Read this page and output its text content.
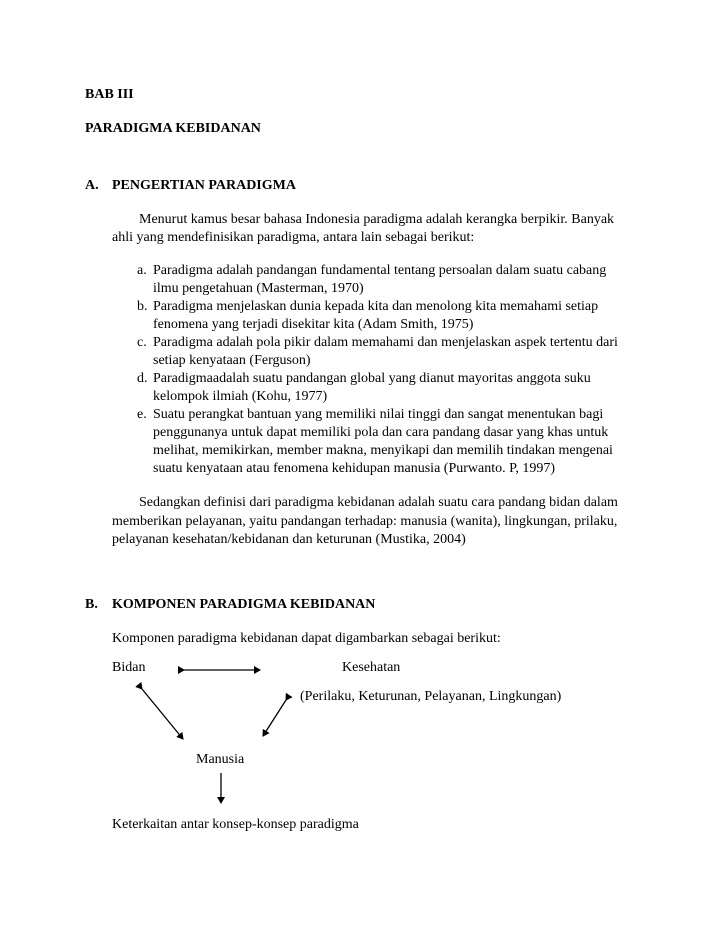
BAB III
PARADIGMA KEBIDANAN
A. PENGERTIAN PARADIGMA
Menurut kamus besar bahasa Indonesia paradigma adalah kerangka berpikir. Banyak
ahli yang mendefinisikan paradigma, antara lain sebagai berikut:
a. Paradigma adalah pandangan fundamental tentang persoalan dalam suatu cabang
ilmu pengetahuan (Masterman, 1970)
b. Paradigma menjelaskan dunia kepada kita dan menolong kita memahami setiap
fenomena yang terjadi disekitar kita (Adam Smith, 1975)
c. Paradigma adalah pola pikir dalam memahami dan menjelaskan aspek tertentu dari
setiap kenyataan (Ferguson)
d. Paradigmaadalah suatu pandangan global yang dianut mayoritas anggota suku
kelompok ilmiah (Kohu, 1977)
e. Suatu perangkat bantuan yang memiliki nilai tinggi dan sangat menentukan bagi
penggunanya untuk dapat memiliki pola dan cara pandang dasar yang khas untuk
melihat, memikirkan, member makna, menyikapi dan memilih tindakan mengenai
suatu kenyataan atau fenomena kehidupan manusia (Purwanto. P, 1997)
Sedangkan definisi dari paradigma kebidanan adalah suatu cara pandang bidan dalam
memberikan pelayanan, yaitu pandangan terhadap: manusia (wanita), lingkungan, prilaku,
pelayanan kesehatan/kebidanan dan keturunan (Mustika, 2004)
B. KOMPONEN PARADIGMA KEBIDANAN
Komponen paradigma kebidanan dapat digambarkan sebagai berikut:
Bidan	Kesehatan
(Perilaku, Keturunan, Pelayanan, Lingkungan)
Manusia
Keterkaitan antar konsep-konsep paradigma
